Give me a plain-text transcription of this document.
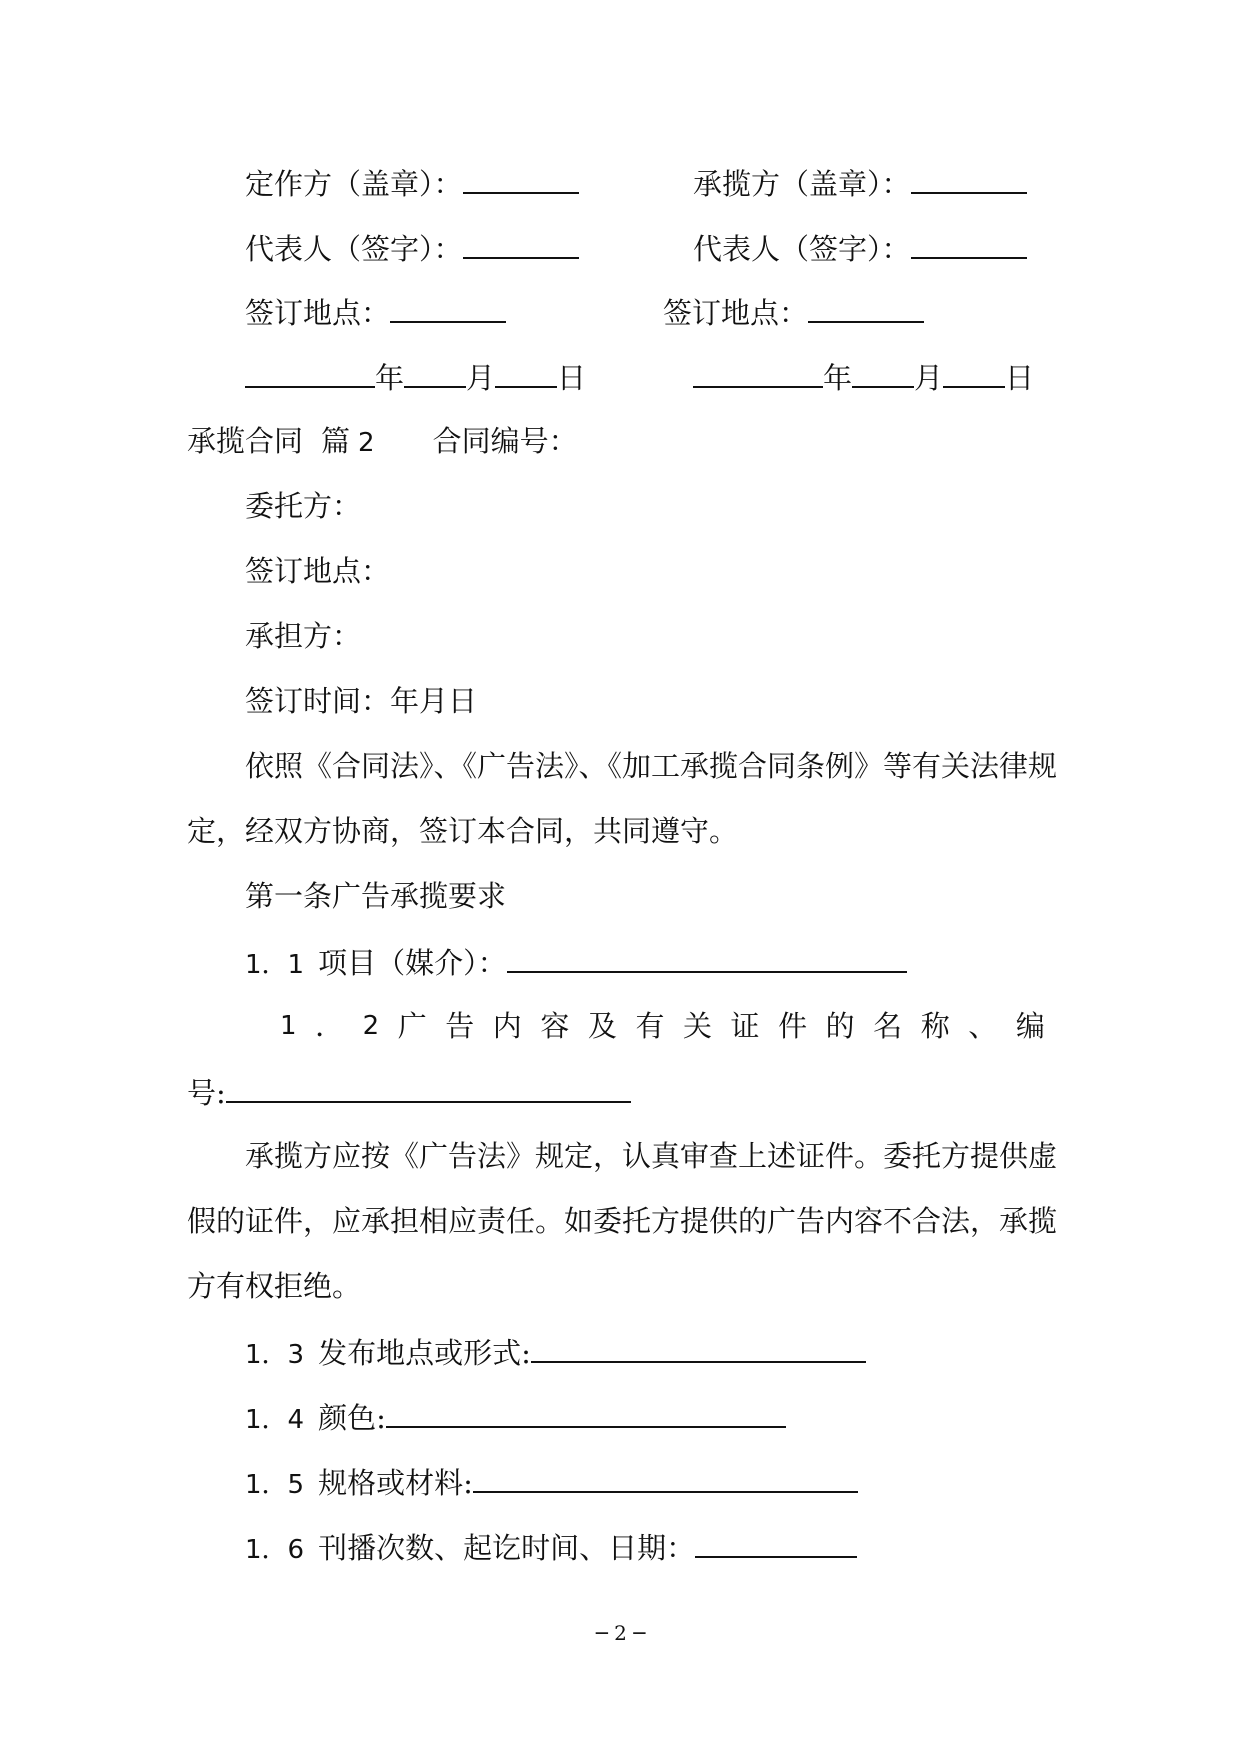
定作方（盖章）：	承揽方（盖章）：
代表人（签字）：	代表人（签字）：
签订地点：	签订地点：
年 月 日	年 月 日
承揽合同 篇 2 合同编号：
委托方：
签订地点：
承担方：
签订时间：年月日
依照《合同法》、《广告法》、《加工承揽合同条例》等有关法律规
定，经双方协商，签订本合同，共同遵守。
第一条广告承揽要求
1．1 项目（媒介）：
1 ． 2 广 告 内 容 及 有 关 证 件 的 名 称 、 编
号:
承揽方应按《广告法》规定，认真审查上述证件。委托方提供虚
假的证件，应承担相应责任。如委托方提供的广告内容不合法，承揽
方有权拒绝。
1．3 发布地点或形式:
1．4 颜色:
1．5 规格或材料:
1．6 刊播次数、起讫时间、日期：
─ 2 ─
